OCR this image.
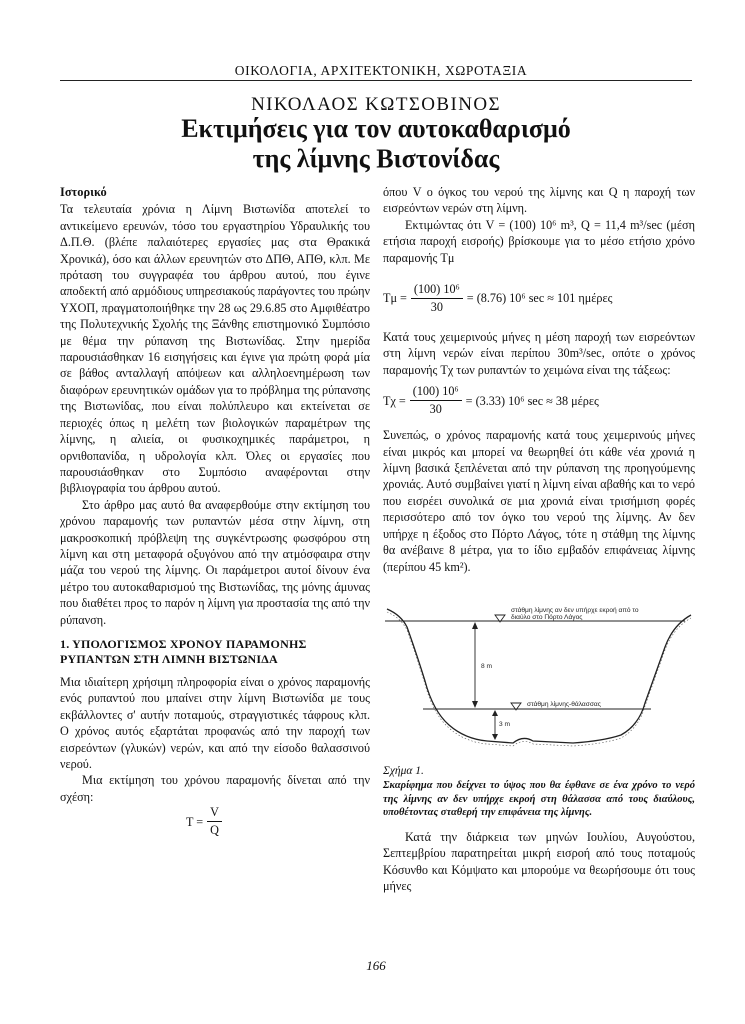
ΟΙΚΟΛΟΓΙΑ, ΑΡΧΙΤΕΚΤΟΝΙΚΗ, ΧΩΡΟΤΑΞΙΑ
ΝΙΚΟΛΑΟΣ ΚΩΤΣΟΒΙΝΟΣ
Εκτιμήσεις για τον αυτοκαθαρισμό
της λίμνης Βιστονίδας
Ιστορικό

Τα τελευταία χρόνια η Λίμνη Βιστωνίδα αποτελεί το αντικείμενο ερευνών, τόσο του εργαστηρίου Υδραυλικής του Δ.Π.Θ. (βλέπε παλαιότερες εργασίες μας στα Θρακικά Χρονικά), όσο και άλλων ερευνητών στο ΔΠΘ, ΑΠΘ, κλπ. Με πρόταση του συγγραφέα του άρθρου αυτού, που έγινε αποδεκτή από αρμόδιους υπηρεσιακούς παράγοντες του πρώην ΥΧΟΠ, πραγματοποιήθηκε την 28 ως 29.6.85 στο Αμφιθέατρο της Πολυτεχνικής Σχολής της Ξάνθης επιστημονικό Συμπόσιο με θέμα την ρύπανση της Βιστωνίδας. Στην ημερίδα παρουσιάσθηκαν 16 εισηγήσεις και έγινε για πρώτη φορά μία σε βάθος ανταλλαγή απόψεων και αλληλοενημέρωση των διαφόρων ερευνητικών ομάδων για το πρόβλημα της ρύπανσης της Βιστωνίδας, που είναι πολύπλευρο και εκτείνεται σε περιοχές όπως η μελέτη των βιολογικών παραμέτρων της λίμνης, η αλιεία, οι φυσικοχημικές παράμετροι, η ορνιθοπανίδα, η υδρολογία κλπ. Όλες οι εργασίες που παρουσιάσθηκαν στο Συμπόσιο αναφέρονται στην βιβλιογραφία του άρθρου αυτού.

Στο άρθρο μας αυτό θα αναφερθούμε στην εκτίμηση του χρόνου παραμονής των ρυπαντών μέσα στην λίμνη, στη μακροσκοπική πρόβλεψη της συγκέντρωσης φωσφόρου στη λίμνη και στη μεταφορά οξυγόνου από την ατμόσφαιρα στην μάζα του νερού της λίμνης. Οι παράμετροι αυτοί δίνουν ένα μέτρο του αυτοκαθαρισμού της Βιστωνίδας, της μόνης άμυνας που διαθέτει προς το παρόν η λίμνη για προστασία της από την ρύπανση.

1. ΥΠΟΛΟΓΙΣΜΟΣ ΧΡΟΝΟΥ ΠΑΡΑΜΟΝΗΣ ΡΥΠΑΝΤΩΝ ΣΤΗ ΛΙΜΝΗ ΒΙΣΤΩΝΙΔΑ

Μια ιδιαίτερη χρήσιμη πληροφορία είναι ο χρόνος παραμονής ενός ρυπαντού που μπαίνει στην λίμνη Βιστωνίδα με τους εκβάλλοντες σ' αυτήν ποταμούς, στραγγιστικές τάφρους κλπ. Ο χρόνος αυτός εξαρτάται προφανώς από την παροχή των εισρεόντων (γλυκών) νερών, και από την είσοδο θαλασσινού νερού.

Μια εκτίμηση του χρόνου παραμονής δίνεται από την σχέση:

$T = \frac{V}{Q}$

όπου V ο όγκος του νερού της λίμνης και Q η παροχή των εισρεόντων νερών στη λίμνη.

Εκτιμώντας ότι V = (100) 10⁶ m³, Q = 11,4 m³/sec (μέση ετήσια παροχή εισροής) βρίσκουμε για το μέσο ετήσιο χρόνο παραμονής Tμ

$T\mu = \frac{\text{(100) 10⁶}}{30} = (8.76)$ 10⁶ sec ≈ 101 ημέρες

Κατά τους χειμερινούς μήνες η μέση παροχή των εισρεόντων στη λίμνη νερών είναι περίπου 30m³/sec, οπότε ο χρόνος παραμονής Tχ των ρυπαντών το χειμώνα είναι της τάξεως:

$T\chi = \frac{\text{(100) 10⁶}}{30} = (3.33)$ 10⁶ sec ≈ 38 μέρες

Συνεπώς, ο χρόνος παραμονής κατά τους χειμερινούς μήνες είναι μικρός και μπορεί να θεωρηθεί ότι κάθε νέα χρονιά η λίμνη βασικά ξεπλένεται από την ρύπανση της προηγούμενης χρονιάς. Αυτό συμβαίνει γιατί η λίμνη είναι αβαθής και το νερό που εισρέει συνολικά σε μια χρονιά είναι τρισήμιση φορές περισσότερο από τον όγκο του νερού της λίμνης. Αν δεν υπήρχε η έξοδος στο Πόρτο Λάγος, τότε η στάθμη της λίμνης θα ανέβαινε 8 μέτρα, για το ίδιο εμβαδόν επιφάνειας λίμνης (περίπου 45 km²).

στάθμη λίμνης αν δεν υπήρχε εκροή από το
διαύλο στο Πόρτο Λάγος
8 m
στάθμη λίμνης-θάλασσας
3 m
Σχήμα 1.
Σκαρίφημα που δείχνει το ύψος που θα έφθανε σε ένα χρόνο το νερό της λίμνης αν δεν υπήρχε εκροή στη θάλασσα από τους διαύλους, υποθέτοντας σταθερή την επιφάνεια της λίμνης.

Κατά την διάρκεια των μηνών Ιουλίου, Αυγούστου, Σεπτεμβρίου παρατηρείται μικρή εισροή από τους ποταμούς Κόσυνθο και Κόμψατο και μπορούμε να θεωρήσουμε ότι τους μήνες

166
